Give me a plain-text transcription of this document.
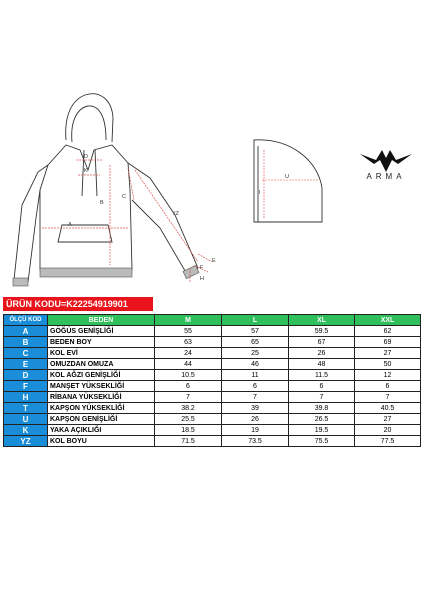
A
B
C
D
K
YZ
E
F
H
U
I
ARMA
ÜRÜN KODU=K22254919901
ÖLÇÜ KOD	BEDEN	M	L	XL	XXL
A	GÖĞÜS GENİŞLİĞİ	55	57	59.5	62
B	BEDEN BOY	63	65	67	69
C	KOL EVİ	24	25	26	27
E	OMUZDAN OMUZA	44	46	48	50
D	KOL AĞZI GENİŞLİĞİ	10.5	11	11.5	12
F	MANŞET YÜKSEKLİĞİ	6	6	6	6
H	RİBANA YÜKSEKLİĞİ	7	7	7	7
T	KAPŞON YÜKSEKLİĞİ	38.2	39	39.8	40.5
U	KAPŞON GENİŞLİĞİ	25.5	26	26.5	27
K	YAKA AÇIKLIĞI	18.5	19	19.5	20
YZ	KOL BOYU	71.5	73.5	75.5	77.5
